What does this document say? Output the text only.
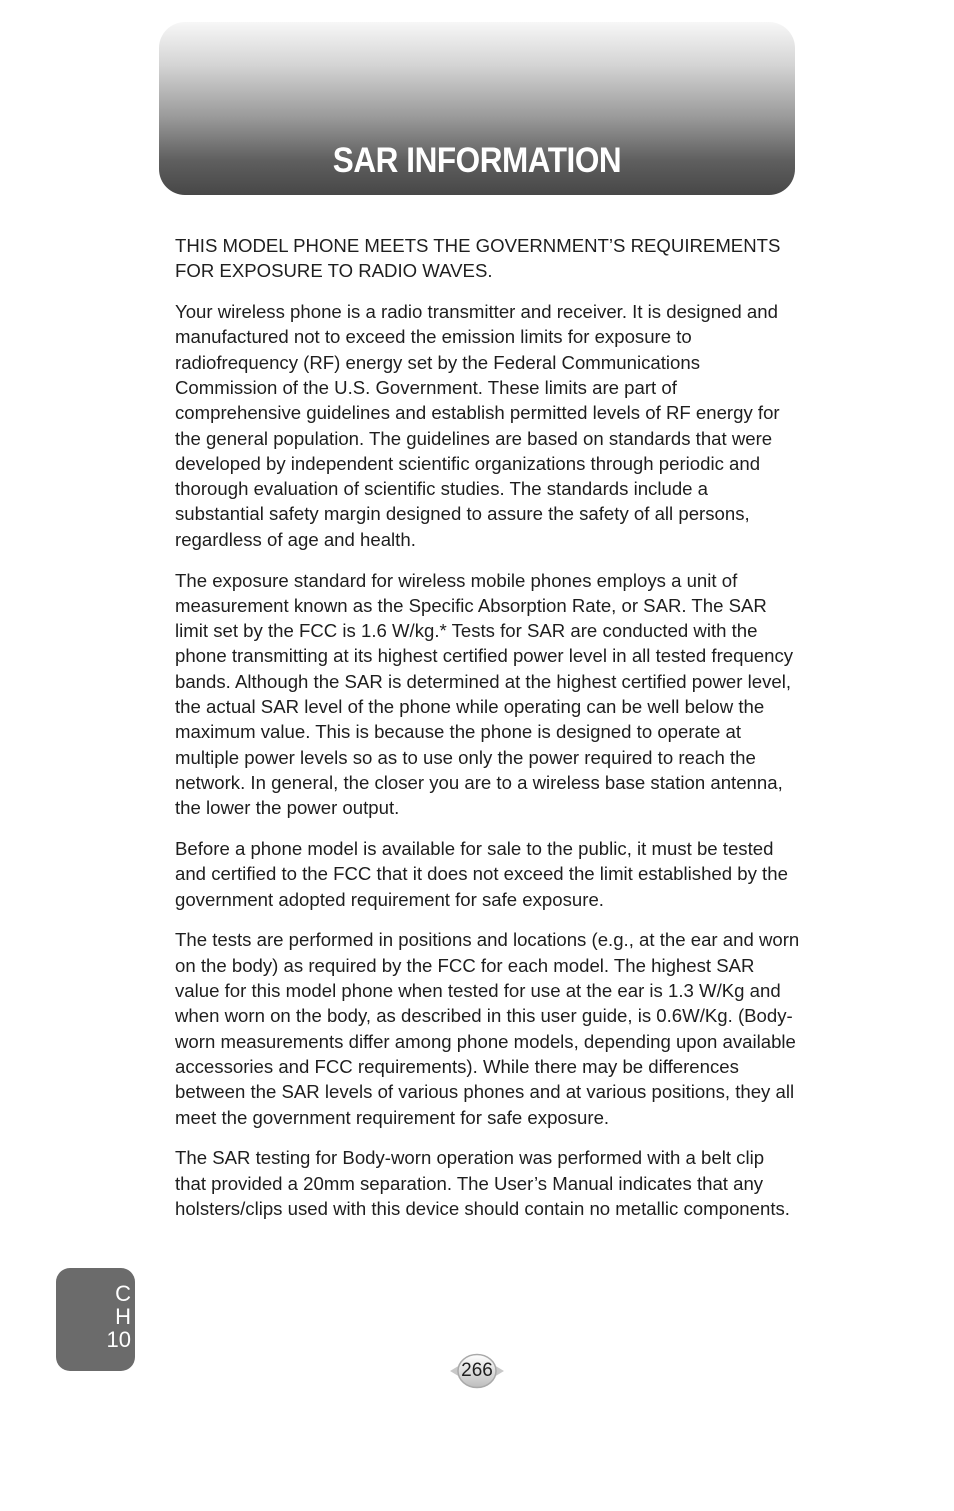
SAR INFORMATION

THIS MODEL PHONE MEETS THE GOVERNMENT’S REQUIREMENTS FOR EXPOSURE TO RADIO WAVES.

Your wireless phone is a radio transmitter and receiver. It is designed and manufactured not to exceed the emission limits for exposure to radiofrequency (RF) energy set by the Federal Communications Commission of the U.S. Government. These limits are part of comprehensive guidelines and establish permitted levels of RF energy for the general population. The guidelines are based on standards that were developed by independent scientific organizations through periodic and thorough evaluation of scientific studies. The standards include a substantial safety margin designed to assure the safety of all persons, regardless of age and health.

The exposure standard for wireless mobile phones employs a unit of measurement known as the Specific Absorption Rate, or SAR. The SAR limit set by the FCC is 1.6 W/kg.* Tests for SAR are conducted with the phone transmitting at its highest certified power level in all tested frequency bands. Although the SAR is determined at the highest certified power level, the actual SAR level of the phone while operating can be well below the maximum value. This is because the phone is designed to operate at multiple power levels so as to use only the power required to reach the network. In general, the closer you are to a wireless base station antenna, the lower the power output.

Before a phone model is available for sale to the public, it must be tested and certified to the FCC that it does not exceed the limit established by the government adopted requirement for safe exposure.

The tests are performed in positions and locations (e.g., at the ear and worn on the body) as required by the FCC for each model. The highest SAR value for this model phone when tested for use at the ear is 1.3 W/Kg and when worn on the body, as described in this user guide, is 0.6W/Kg. (Body-worn measurements differ among phone models, depending upon available accessories and FCC requirements). While there may be differences between the SAR levels of various phones and at various positions, they all meet the government requirement for safe exposure.

The SAR testing for Body-worn operation was performed with a belt clip that provided a 20mm separation. The User’s Manual indicates that any holsters/clips used with this device should contain no metallic components.

C
H
10
266
